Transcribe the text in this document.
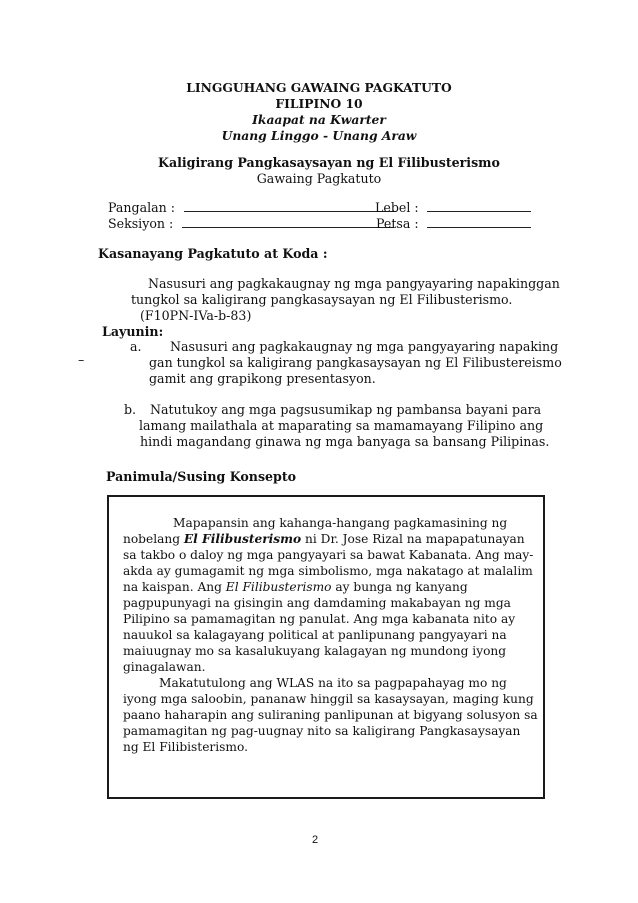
LINGGUHANG GAWAING PAGKATUTO
FILIPINO 10
Ikaapat na Kwarter
Unang Linggo - Unang Araw
Kaligirang Pangkasaysayan ng El Filibusterismo
Gawaing Pagkatuto
Pangalan :	Lebel :
Seksiyon :	Petsa :
Kasanayang Pagkatuto at Koda :
Nasusuri ang pagkakaugnay ng mga pangyayaring napakinggan
tungkol sa kaligirang pangkasaysayan ng El Filibusterismo.
(F10PN-IVa-b-83)
Layunin:
–
a. Nasusuri ang pagkakaugnay ng mga pangyayaring napaking
gan tungkol sa kaligirang pangkasaysayan ng El Filibustereismo
gamit ang grapikong presentasyon.
b. Natutukoy ang mga pagsusumikap ng pambansa bayani para
lamang mailathala at maparating sa mamamayang Filipino ang
hindi magandang ginawa ng mga banyaga sa bansang Pilipinas.
Panimula/Susing Konsepto
Mapapansin ang kahanga-hangang pagkamasining ng
nobelang El Filibusterismo ni Dr. Jose Rizal na mapapatunayan
sa takbo o daloy ng mga pangyayari sa bawat Kabanata. Ang may-
akda ay gumagamit ng mga simbolismo, mga nakatago at malalim
na kaispan. Ang El Filibusterismo ay bunga ng kanyang
pagpupunyagi na gisingin ang damdaming makabayan ng mga
Pilipino sa pamamagitan ng panulat. Ang mga kabanata nito ay
nauukol sa kalagayang political at panlipunang pangyayari na
maiuugnay mo sa kasalukuyang kalagayan ng mundong iyong
ginagalawan.
Makatutulong ang WLAS na ito sa pagpapahayag mo ng
iyong mga saloobin, pananaw hinggil sa kasaysayan, maging kung
paano haharapin ang suliraning panlipunan at bigyang solusyon sa
pamamagitan ng pag-uugnay nito sa kaligirang Pangkasaysayan
ng El Filibisterismo.
2
